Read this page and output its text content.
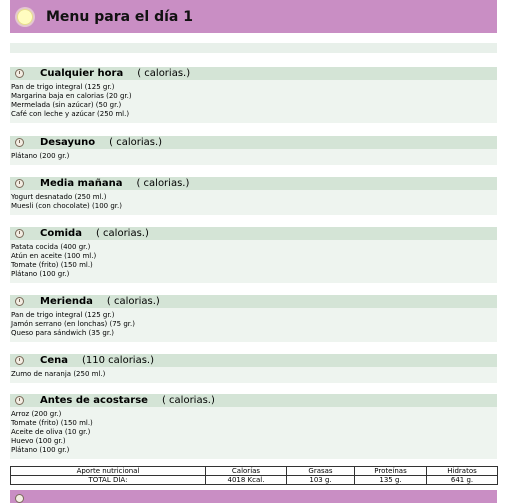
Menu para el día 1
Cualquier hora ( calorias.)
Pan de trigo integral (125 gr.)
Margarina baja en calorias (20 gr.)
Mermelada (sin azúcar) (50 gr.)
Café con leche y azúcar (250 ml.)
Desayuno ( calorias.)
Plátano (200 gr.)
Media mañana ( calorias.)
Yogurt desnatado (250 ml.)
Muesli (con chocolate) (100 gr.)
Comida ( calorias.)
Patata cocida (400 gr.)
Atún en aceite (100 ml.)
Tomate (frito) (150 ml.)
Plátano (100 gr.)
Merienda ( calorias.)
Pan de trigo integral (125 gr.)
Jamón serrano (en lonchas) (75 gr.)
Queso para sándwich (35 gr.)
Cena (110 calorias.)
Zumo de naranja (250 ml.)
Antes de acostarse ( calorias.)
Arroz (200 gr.)
Tomate (frito) (150 ml.)
Aceite de oliva (10 gr.)
Huevo (100 gr.)
Plátano (100 gr.)
Aporte nutricional	Calorías	Grasas	Proteínas	Hidratos
TOTAL DÍA:	4018 Kcal.	103 g.	135 g.	641 g.
